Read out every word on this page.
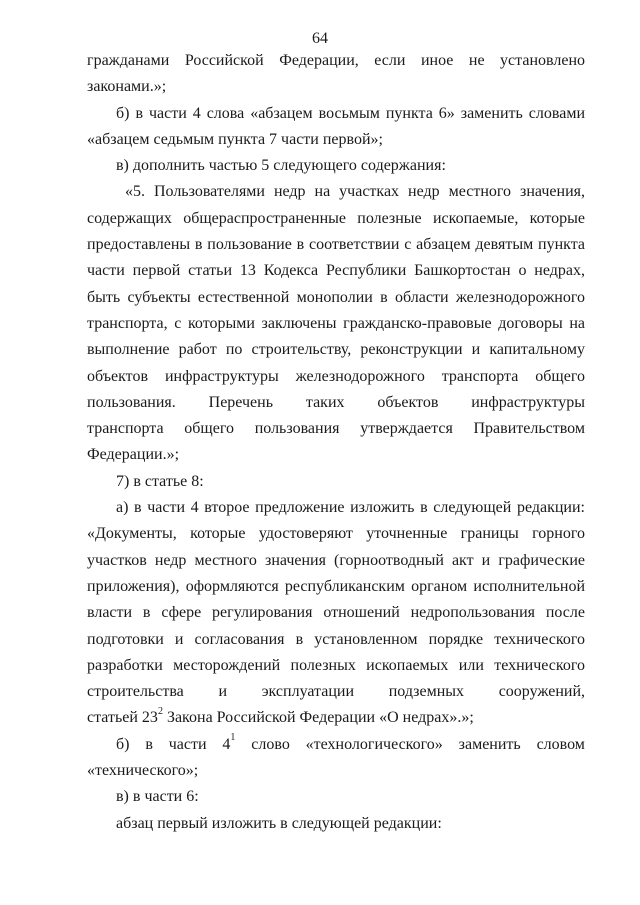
64
гражданами Российской Федерации, если иное не установлено
законами.»;
б) в части 4 слова «абзацем восьмым пункта 6» заменить словами
«абзацем седьмым пункта 7 части первой»;
в) дополнить частью 5 следующего содержания:
«5. Пользователями недр на участках недр местного значения,
содержащих общераспространенные полезные ископаемые, которые
предоставлены в пользование в соответствии с абзацем девятым пункта
части первой статьи 13 Кодекса Республики Башкортостан о недрах,
быть субъекты естественной монополии в области железнодорожного
транспорта, с которыми заключены гражданско-правовые договоры на
выполнение работ по строительству, реконструкции и капитальному
объектов инфраструктуры железнодорожного транспорта общего
пользования. Перечень таких объектов инфраструктуры
транспорта общего пользования утверждается Правительством
Федерации.»;
7) в статье 8:
а) в части 4 второе предложение изложить в следующей редакции:
«Документы, которые удостоверяют уточненные границы горного
участков недр местного значения (горноотводный акт и графические
приложения), оформляются республиканским органом исполнительной
власти в сфере регулирования отношений недропользования после
подготовки и согласования в установленном порядке технического
разработки месторождений полезных ископаемых или технического
строительства и эксплуатации подземных сооружений,
статьей $23^2$ Закона Российской Федерации «О недрах».»;
б) в части $4^1$ слово «технологического» заменить словом
«технического»;
в) в части 6:
абзац первый изложить в следующей редакции:
